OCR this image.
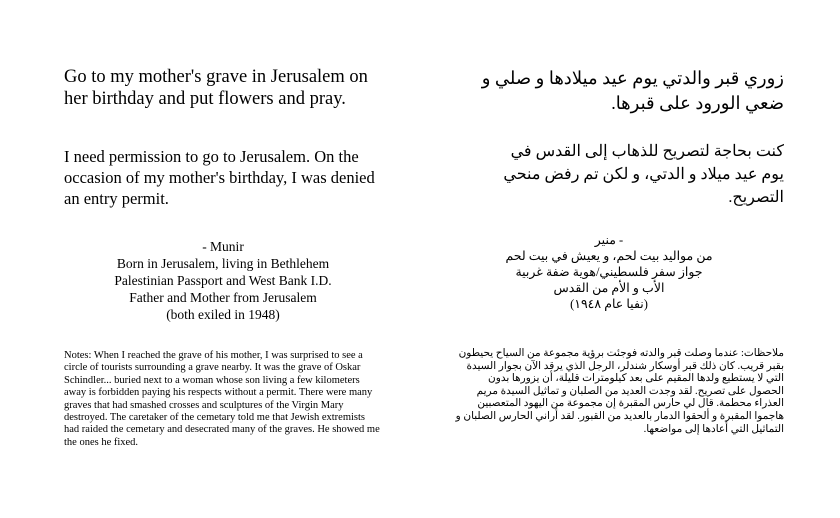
Go to my mother's grave in Jerusalem on her birthday and put flowers and pray.
I need permission to go to Jerusalem. On the occasion of my mother's birthday, I was denied an entry permit.
- Munir
Born in Jerusalem, living in Bethlehem
Palestinian Passport and West Bank I.D.
Father and Mother from Jerusalem
(both exiled in 1948)
Notes: When I reached the grave of his mother, I was surprised to see a circle of tourists surrounding a grave nearby. It was the grave of Oskar Schindler... buried next to a woman whose son living a few kilometers away is forbidden paying his respects without a permit. There were many graves that had smashed crosses and sculptures of the Virgin Mary destroyed. The caretaker of the cemetary told me that Jewish extremists had raided the cemetary and desecrated many of the graves. He showed me the ones he fixed.
زوري قبر والدتي يوم عيد ميلادها و صلي و ضعي الورود على قبرها.
كنت بحاجة لتصريح للذهاب إلى القدس في يوم عيد ميلاد و الدتي، و لكن تم رفض منحي التصريح.
- منير
من مواليد بيت لحم، و يعيش في بيت لحم
جواز سفر فلسطيني/هوية ضفة غربية
الأب و الأم من القدس
(نفيا عام ١٩٤٨)
ملاحظات: عندما وصلت قبر والدته فوجئت برؤية مجموعة من السياح يحيطون بقبر قريب. كان ذلك قبر أوسكار شندلر، الرجل الذي يرقد الآن بجوار السيدة التي لا يستطيع ولدها المقيم على بعد كيلومترات قليلة، أن يزورها بدون الحصول على تصريح. لقد وجدت العديد من الصلبان و تماثيل السيدة مريم العذراء محطمة. قال لي حارس المقبرة إن مجموعة من اليهود المتعصبين هاجموا المقبرة و ألحقوا الدمار بالعديد من القبور. لقد أراني الحارس الصلبان و التماثيل التي أعادها إلى مواضعها.
